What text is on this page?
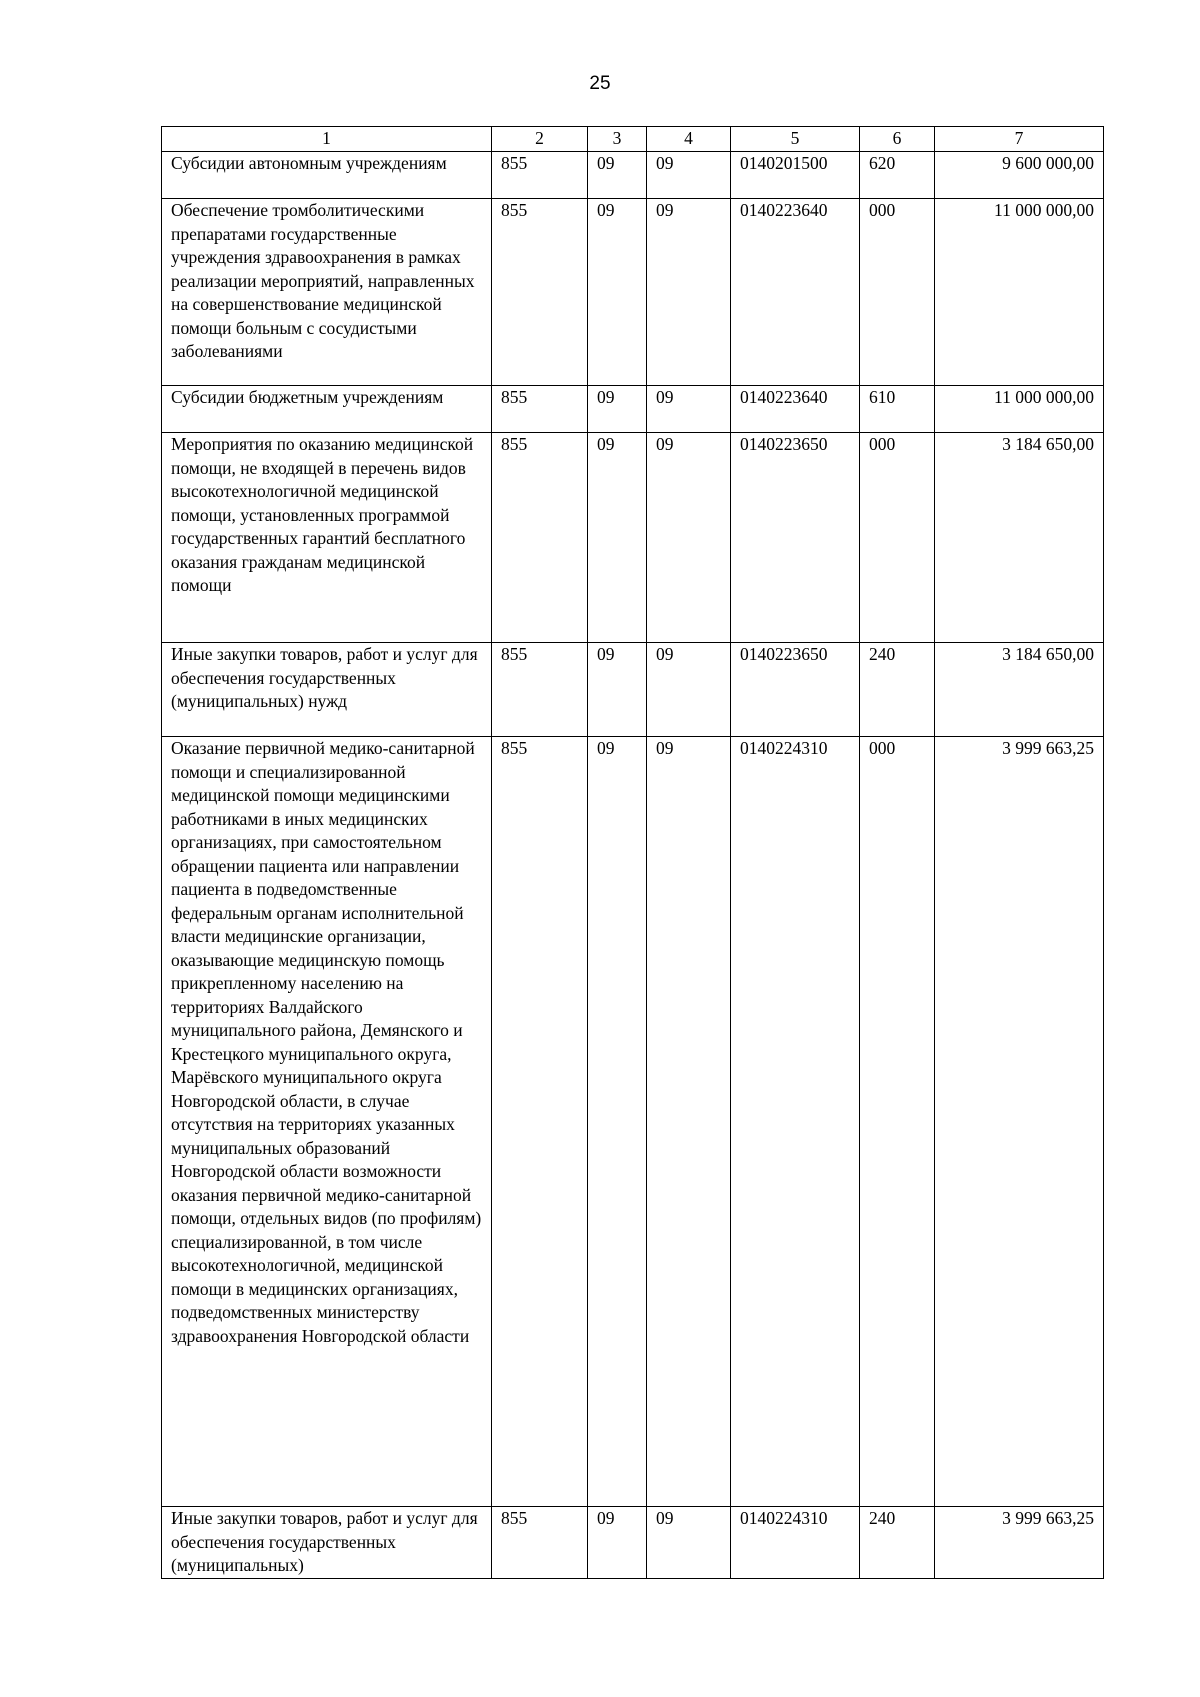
25
1	2	3	4	5	6	7
Субсидии автономным учреждениям	855	09	09	0140201500	620	9 600 000,00
Обеспечение тромболитическими препаратами государственные учреждения здравоохранения в рамках реализации мероприятий, направленных на совершенствование медицинской помощи больным с сосудистыми заболеваниями	855	09	09	0140223640	000	11 000 000,00
Субсидии бюджетным учреждениям	855	09	09	0140223640	610	11 000 000,00
Мероприятия по оказанию медицинской помощи, не входящей в перечень видов высокотехнологичной медицинской помощи, установленных программой государственных гарантий бесплатного оказания гражданам медицинской помощи	855	09	09	0140223650	000	3 184 650,00
Иные закупки товаров, работ и услуг для обеспечения государственных (муниципальных) нужд	855	09	09	0140223650	240	3 184 650,00
Оказание первичной медико-санитарной помощи и специализированной медицинской помощи медицинскими работниками в иных медицинских организациях, при самостоятельном обращении пациента или направлении пациента в подведомственные федеральным органам исполнительной власти медицинские организации, оказывающие медицинскую помощь прикрепленному населению на территориях Валдайского муниципального района, Демянского и Крестецкого муниципального округа, Марёвского муниципального округа Новгородской области, в случае отсутствия на территориях указанных муниципальных образований Новгородской области возможности оказания первичной медико-санитарной помощи, отдельных видов (по профилям) специализированной, в том числе высокотехнологичной, медицинской помощи в медицинских организациях, подведомственных министерству здравоохранения Новгородской области	855	09	09	0140224310	000	3 999 663,25
Иные закупки товаров, работ и услуг для обеспечения государственных (муниципальных)	855	09	09	0140224310	240	3 999 663,25
